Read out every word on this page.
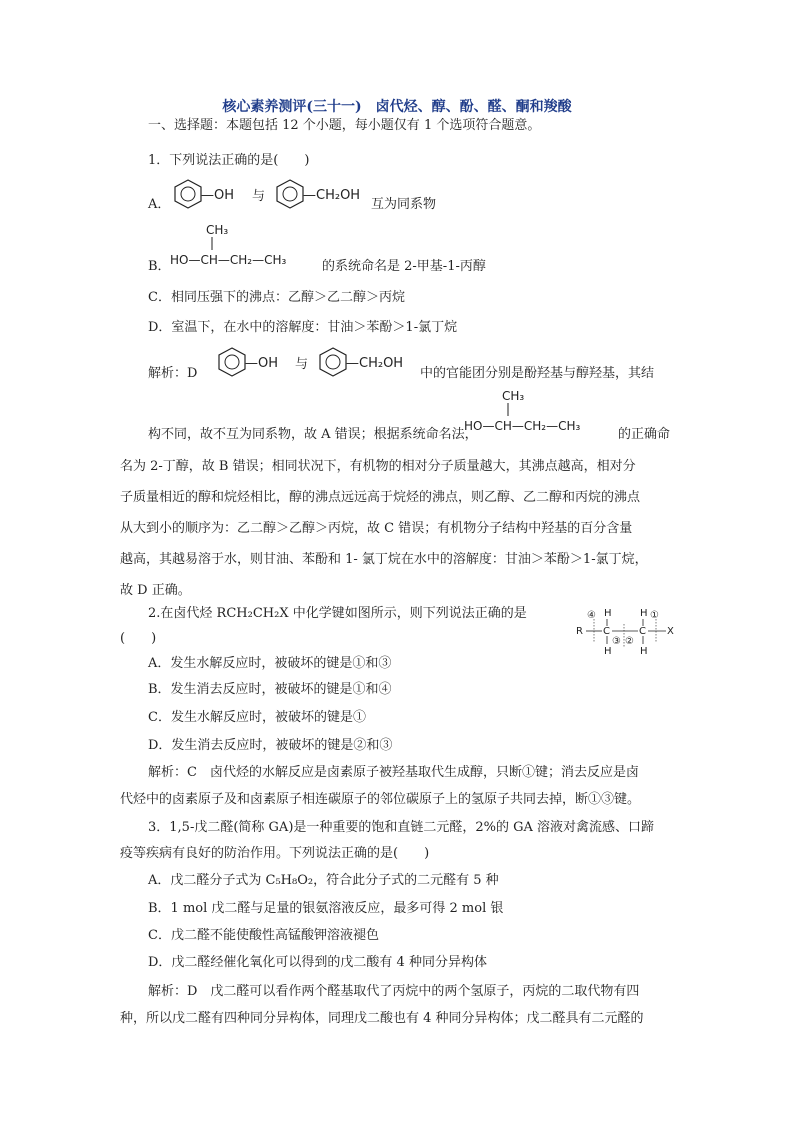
核心素养测评(三十一)　卤代烃、醇、酚、醛、酮和羧酸
一、选择题：本题包括 12 个小题，每小题仅有 1 个选项符合题意。
1．下列说法正确的是(　　)
A．
—OH 与	—CH₂OH
互为同系物
B．
CH₃
HO—CH—CH₂—CH₃	的系统命名是 2-甲基-1-丙醇
C．相同压强下的沸点：乙醇＞乙二醇＞丙烷
D．室温下，在水中的溶解度：甘油＞苯酚＞1-氯丁烷
解析：D
—OH 与	—CH₂OH
中的官能团分别是酚羟基与醇羟基，其结
构不同，故不互为同系物，故 A 错误；根据系统命名法，
CH₃
HO—CH—CH₂—CH₃
的正确命
名为 2-丁醇，故 B 错误；相同状况下，有机物的相对分子质量越大，其沸点越高，相对分
子质量相近的醇和烷烃相比，醇的沸点远远高于烷烃的沸点，则乙醇、乙二醇和丙烷的沸点
从大到小的顺序为：乙二醇＞乙醇＞丙烷，故 C 错误；有机物分子结构中羟基的百分含量
越高，其越易溶于水，则甘油、苯酚和 1- 氯丁烷在水中的溶解度：甘油＞苯酚＞1-氯丁烷，
故 D 正确。
2.在卤代烃 RCH₂CH₂X 中化学键如图所示，则下列说法正确的是
(　　)
④ H	H ①
R C	C X
③ ②
H	H
A．发生水解反应时，被破坏的键是①和③
B．发生消去反应时，被破坏的键是①和④
C．发生水解反应时，被破坏的键是①
D．发生消去反应时，被破坏的键是②和③
解析：C　卤代烃的水解反应是卤素原子被羟基取代生成醇，只断①键；消去反应是卤
代烃中的卤素原子及和卤素原子相连碳原子的邻位碳原子上的氢原子共同去掉，断①③键。
3．1,5-戊二醛(简称 GA)是一种重要的饱和直链二元醛，2%的 GA 溶液对禽流感、口蹄
疫等疾病有良好的防治作用。下列说法正确的是(　　)
A．戊二醛分子式为 C₅H₈O₂，符合此分子式的二元醛有 5 种
B．1 mol 戊二醛与足量的银氨溶液反应，最多可得 2 mol 银
C．戊二醛不能使酸性高锰酸钾溶液褪色
D．戊二醛经催化氧化可以得到的戊二酸有 4 种同分异构体
解析：D　戊二醛可以看作两个醛基取代了丙烷中的两个氢原子，丙烷的二取代物有四
种，所以戊二醛有四种同分异构体，同理戊二酸也有 4 种同分异构体；戊二醛具有二元醛的
